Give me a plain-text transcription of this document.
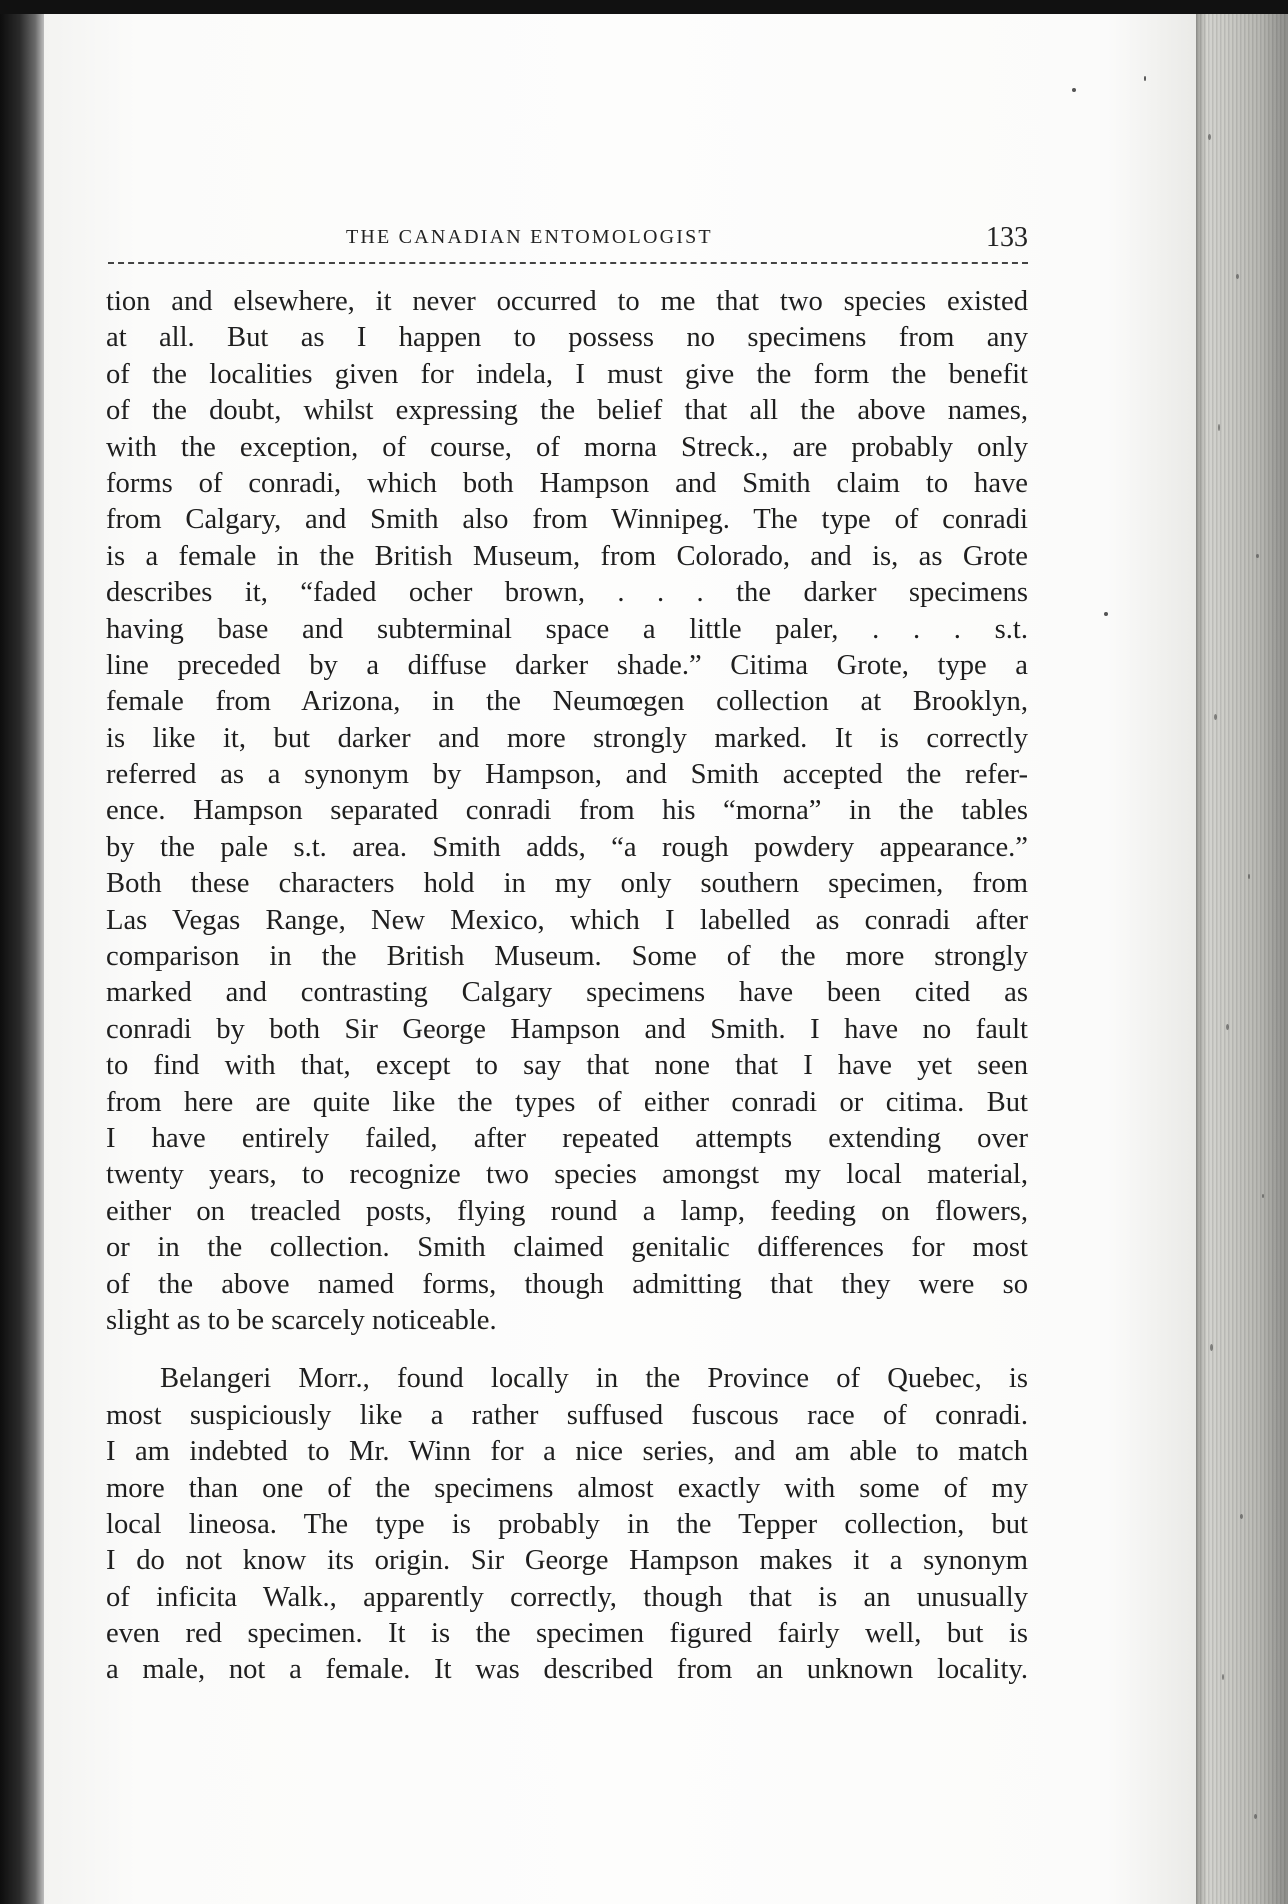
THE CANADIAN ENTOMOLOGIST	133
tion and elsewhere, it never occurred to me that two species existed
at all. But as I happen to possess no specimens from any
of the localities given for indela, I must give the form the benefit
of the doubt, whilst expressing the belief that all the above names,
with the exception, of course, of morna Streck., are probably only
forms of conradi, which both Hampson and Smith claim to have
from Calgary, and Smith also from Winnipeg. The type of conradi
is a female in the British Museum, from Colorado, and is, as Grote
describes it, “faded ocher brown, . . . the darker specimens
having base and subterminal space a little paler, . . . s.t.
line preceded by a diffuse darker shade.” Citima Grote, type a
female from Arizona, in the Neumœgen collection at Brooklyn,
is like it, but darker and more strongly marked. It is correctly
referred as a synonym by Hampson, and Smith accepted the refer-
ence. Hampson separated conradi from his “morna” in the tables
by the pale s.t. area. Smith adds, “a rough powdery appearance.”
Both these characters hold in my only southern specimen, from
Las Vegas Range, New Mexico, which I labelled as conradi after
comparison in the British Museum. Some of the more strongly
marked and contrasting Calgary specimens have been cited as
conradi by both Sir George Hampson and Smith. I have no fault
to find with that, except to say that none that I have yet seen
from here are quite like the types of either conradi or citima. But
I have entirely failed, after repeated attempts extending over
twenty years, to recognize two species amongst my local material,
either on treacled posts, flying round a lamp, feeding on flowers,
or in the collection. Smith claimed genitalic differences for most
of the above named forms, though admitting that they were so
slight as to be scarcely noticeable.
Belangeri Morr., found locally in the Province of Quebec, is
most suspiciously like a rather suffused fuscous race of conradi.
I am indebted to Mr. Winn for a nice series, and am able to match
more than one of the specimens almost exactly with some of my
local lineosa. The type is probably in the Tepper collection, but
I do not know its origin. Sir George Hampson makes it a synonym
of inficita Walk., apparently correctly, though that is an unusually
even red specimen. It is the specimen figured fairly well, but is
a male, not a female. It was described from an unknown locality.
